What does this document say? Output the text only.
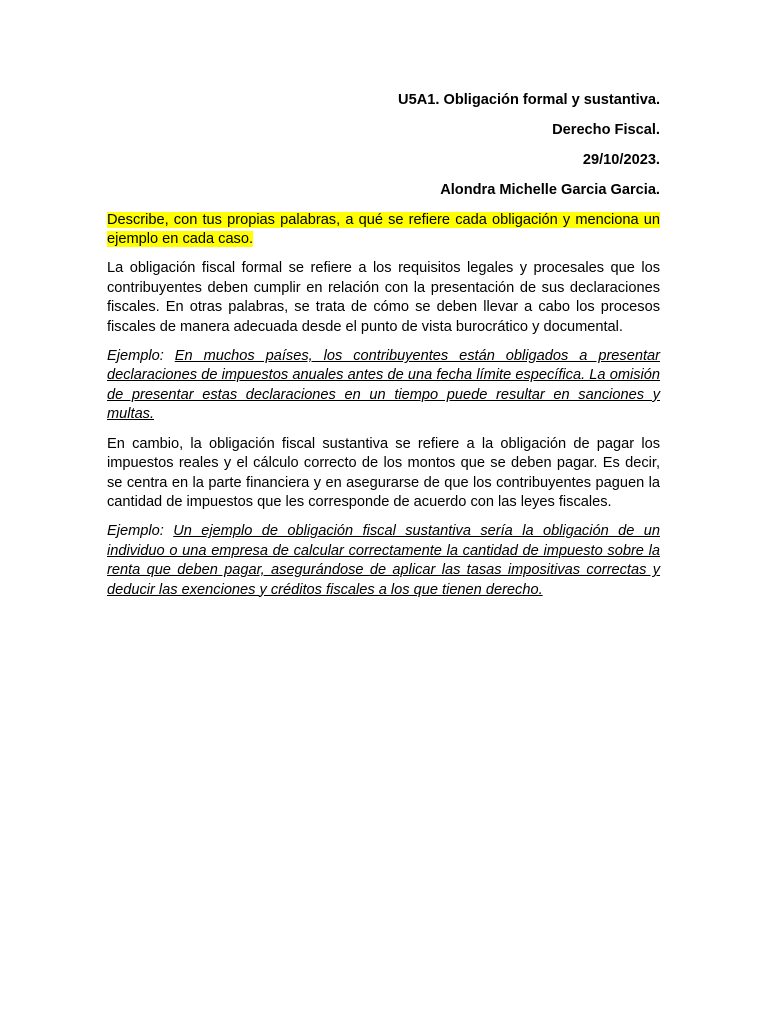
U5A1. Obligación formal y sustantiva.
Derecho Fiscal.
29/10/2023.
Alondra Michelle Garcia Garcia.

Describe, con tus propias palabras, a qué se refiere cada obligación y menciona un ejemplo en cada caso.

La obligación fiscal formal se refiere a los requisitos legales y procesales que los contribuyentes deben cumplir en relación con la presentación de sus declaraciones fiscales. En otras palabras, se trata de cómo se deben llevar a cabo los procesos fiscales de manera adecuada desde el punto de vista burocrático y documental.

Ejemplo: En muchos países, los contribuyentes están obligados a presentar declaraciones de impuestos anuales antes de una fecha límite específica. La omisión de presentar estas declaraciones en un tiempo puede resultar en sanciones y multas.

En cambio, la obligación fiscal sustantiva se refiere a la obligación de pagar los impuestos reales y el cálculo correcto de los montos que se deben pagar. Es decir, se centra en la parte financiera y en asegurarse de que los contribuyentes paguen la cantidad de impuestos que les corresponde de acuerdo con las leyes fiscales.

Ejemplo: Un ejemplo de obligación fiscal sustantiva sería la obligación de un individuo o una empresa de calcular correctamente la cantidad de impuesto sobre la renta que deben pagar, asegurándose de aplicar las tasas impositivas correctas y deducir las exenciones y créditos fiscales a los que tienen derecho.
